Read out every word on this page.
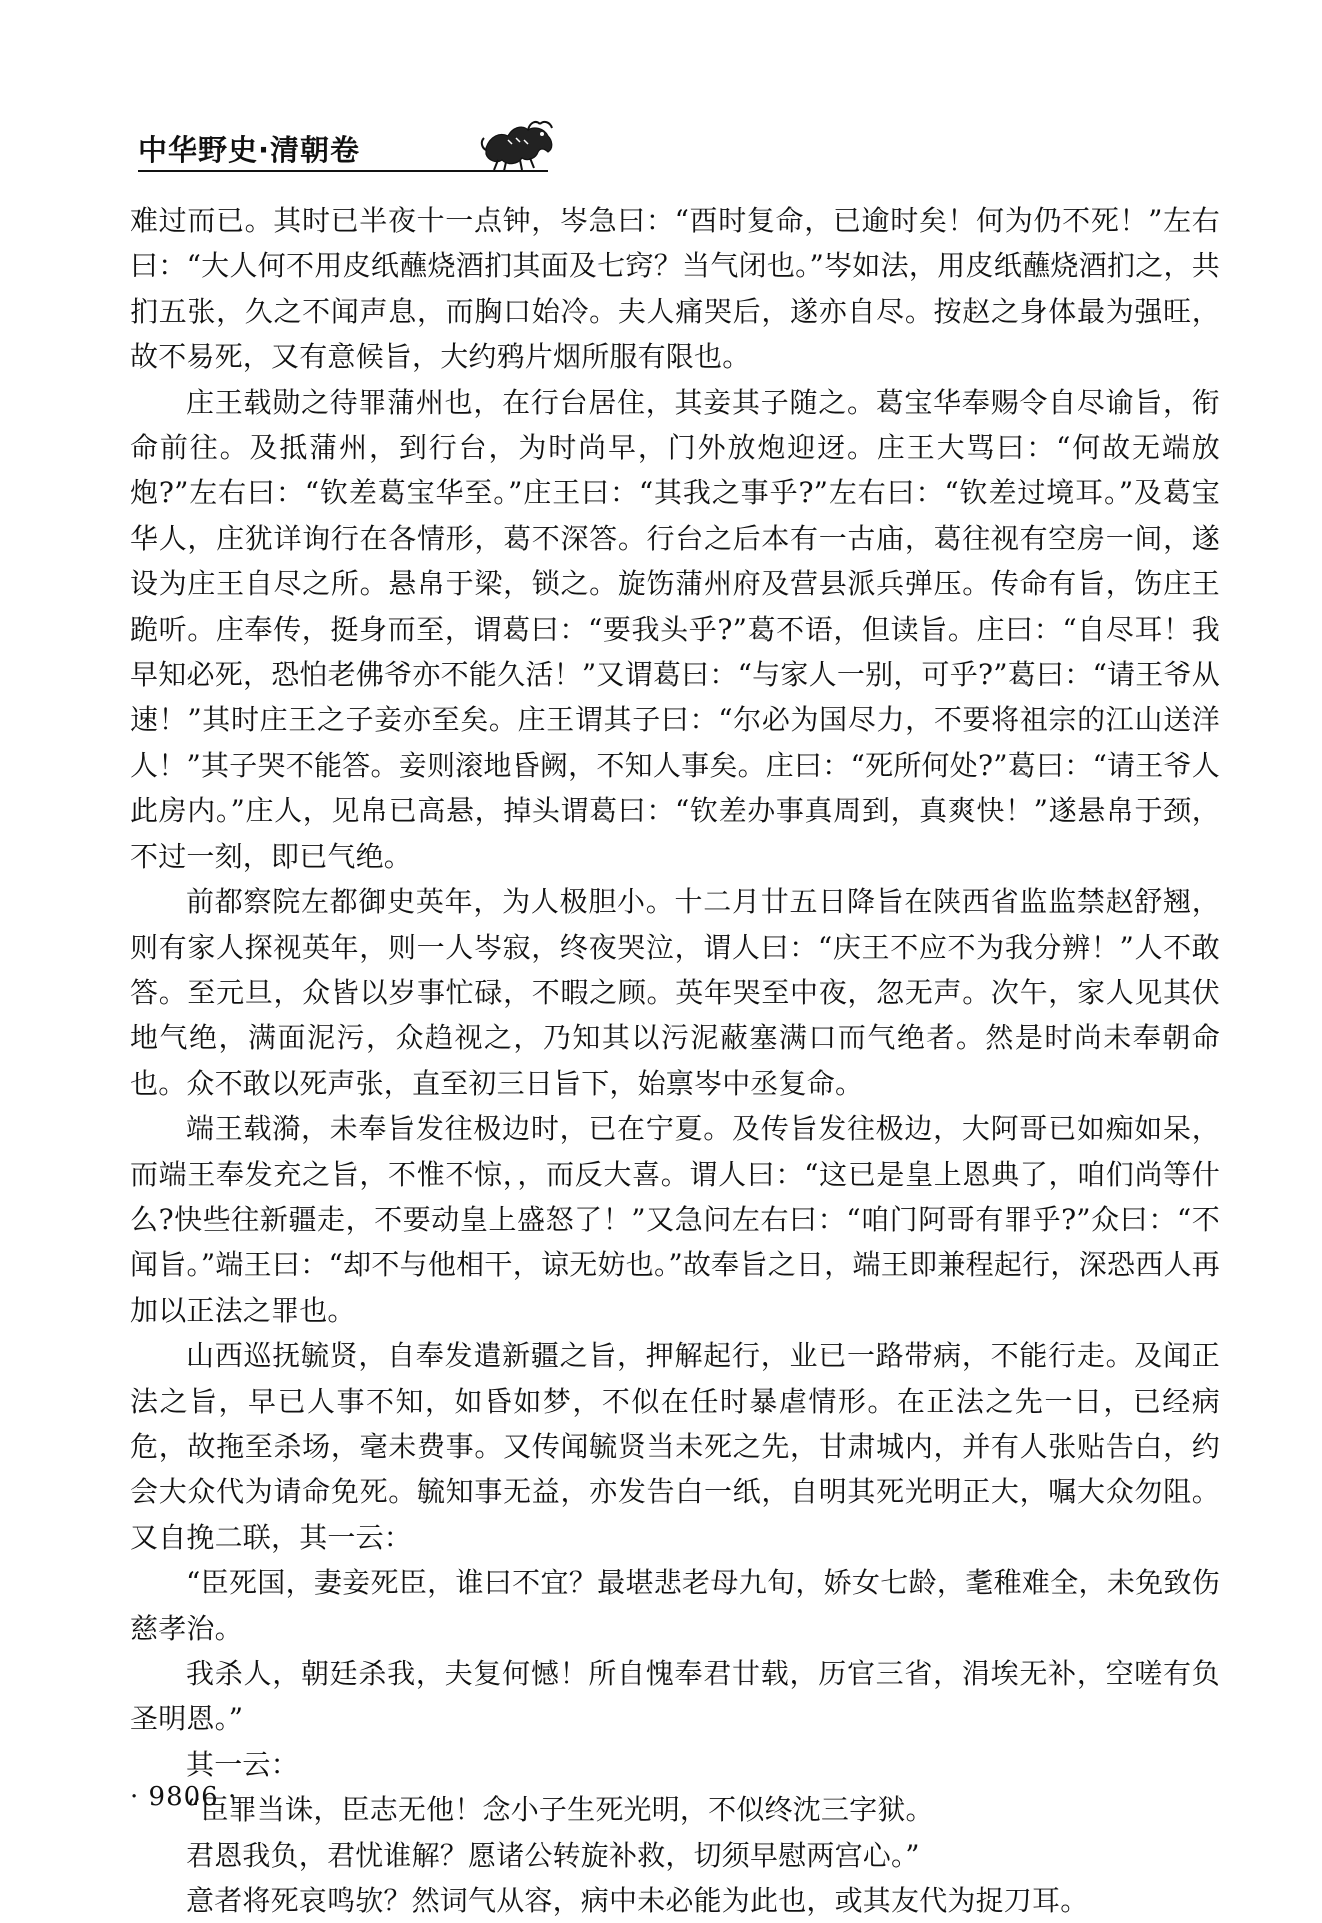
中华野史·清朝卷

难过而已。其时已半夜十一点钟，岑急曰：“酉时复命，已逾时矣！何为仍不死！”左右曰：“大人何不用皮纸蘸烧酒扪其面及七窍？当气闭也。”岑如法，用皮纸蘸烧酒扪之，共扪五张，久之不闻声息，而胸口始冷。夫人痛哭后，遂亦自尽。按赵之身体最为强旺，故不易死，又有意候旨，大约鸦片烟所服有限也。

庄王载勋之待罪蒲州也，在行台居住，其妾其子随之。葛宝华奉赐令自尽谕旨，衔命前往。及抵蒲州，到行台，为时尚早，门外放炮迎迓。庄王大骂曰：“何故无端放炮?”左右曰：“钦差葛宝华至。”庄王曰：“其我之事乎?”左右曰：“钦差过境耳。”及葛宝华人，庄犹详询行在各情形，葛不深答。行台之后本有一古庙，葛往视有空房一间，遂设为庄王自尽之所。悬帛于梁，锁之。旋饬蒲州府及营县派兵弹压。传命有旨，饬庄王跪听。庄奉传，挺身而至，谓葛曰：“要我头乎?”葛不语，但读旨。庄曰：“自尽耳！我早知必死，恐怕老佛爷亦不能久活！”又谓葛曰：“与家人一别，可乎?”葛曰：“请王爷从速！”其时庄王之子妾亦至矣。庄王谓其子曰：“尔必为国尽力，不要将祖宗的江山送洋人！”其子哭不能答。妾则滚地昏阙，不知人事矣。庄曰：“死所何处?”葛曰：“请王爷人此房内。”庄人，见帛已高悬，掉头谓葛曰：“钦差办事真周到，真爽快！”遂悬帛于颈，不过一刻，即已气绝。

前都察院左都御史英年，为人极胆小。十二月廿五日降旨在陕西省监监禁赵舒翘，则有家人探视英年，则一人岑寂，终夜哭泣，谓人曰：“庆王不应不为我分辨！”人不敢答。至元旦，众皆以岁事忙碌，不暇之顾。英年哭至中夜，忽无声。次午，家人见其伏地气绝，满面泥污，众趋视之，乃知其以污泥蔽塞满口而气绝者。然是时尚未奉朝命也。众不敢以死声张，直至初三日旨下，始禀岑中丞复命。

端王载漪，未奉旨发往极边时，已在宁夏。及传旨发往极边，大阿哥已如痴如呆，而端王奉发充之旨，不惟不惊，，而反大喜。谓人曰：“这已是皇上恩典了，咱们尚等什么?快些往新疆走，不要动皇上盛怒了！”又急问左右曰：“咱门阿哥有罪乎?”众曰：“不闻旨。”端王曰：“却不与他相干，谅无妨也。”故奉旨之日，端王即兼程起行，深恐西人再加以正法之罪也。

山西巡抚毓贤，自奉发遣新疆之旨，押解起行，业已一路带病，不能行走。及闻正法之旨，早已人事不知，如昏如梦，不似在任时暴虐情形。在正法之先一日，已经病危，故拖至杀场，毫未费事。又传闻毓贤当未死之先，甘肃城内，并有人张贴告白，约会大众代为请命免死。毓知事无益，亦发告白一纸，自明其死光明正大，嘱大众勿阻。又自挽二联，其一云：

“臣死国，妻妾死臣，谁曰不宜？最堪悲老母九旬，娇女七龄，耄稚难全，未免致伤慈孝治。

我杀人，朝廷杀我，夫复何憾！所自愧奉君廿载，历官三省，涓埃无补，空嗟有负圣明恩。”

其一云：

“臣罪当诛，臣志无他！念小子生死光明，不似终沈三字狱。

君恩我负，君忧谁解？愿诸公转旋补救，切须早慰两宫心。”

意者将死哀鸣欤？然词气从容，病中未必能为此也，或其友代为捉刀耳。

· 9806 ·
